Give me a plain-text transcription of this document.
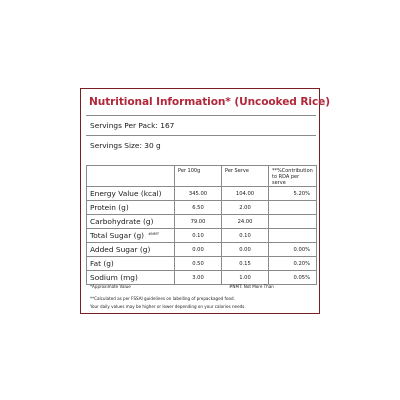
Nutritional Information* (Uncooked Rice)
Servings Per Pack: 167
Servings Size: 30 g
	Per 100g	Per Serve	**%Contribution to RDA per serve
Energy Value (kcal)	345.00	104.00	5.20%
Protein (g)	6.50	2.00	
Carbohydrate (g)	79.00	24.00	
Total Sugar (g) $^{\#NMT}$	0.10	0.10	
Added Sugar (g)	0.00	0.00	0.00%
Fat (g)	0.50	0.15	0.20%
Sodium (mg)	3.00	1.00	0.05%
*Approximate Value	#NMT: Not More Than
**Calculated as per FSSAI guidelines on labelling of prepackaged food.
Your daily values may be higher or lower depending on your calories needs.
